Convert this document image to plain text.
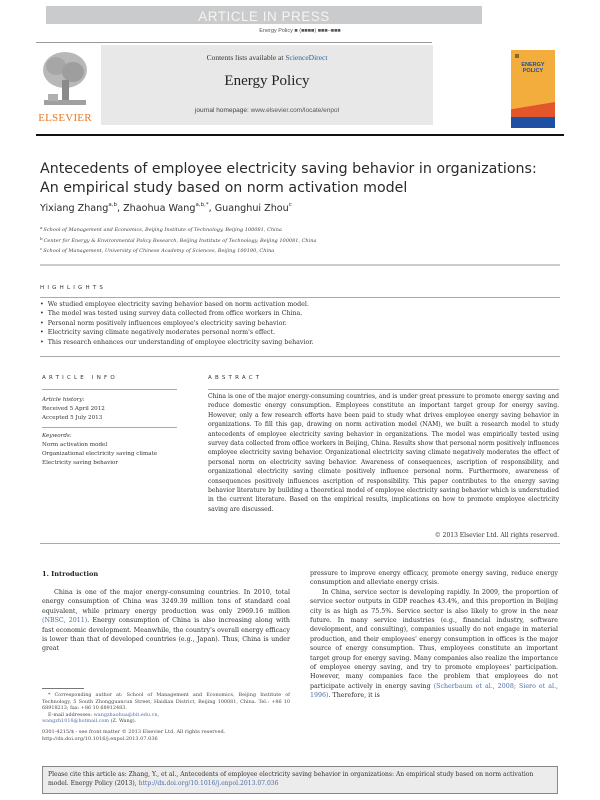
ARTICLE IN PRESS
Energy Policy ■ (■■■■) ■■■–■■■
ELSEVIER
Contents lists available at ScienceDirect
Energy Policy
journal homepage: www.elsevier.com/locate/enpol
ENERGY
POLICY
Antecedents of employee electricity saving behavior in organizations:
An empirical study based on norm activation model
Yixiang Zhang$^{a,b}$, Zhaohua Wang$^{a,b,*}$, Guanghui Zhou$^c$
$^a$School of Management and Economics, Beijing Institute of Technology, Beijing 100081, China
$^b$Center for Energy & Environmental Policy Research, Beijing Institute of Technology, Beijing 100081, China
$^c$School of Management, University of Chinese Academy of Sciences, Beijing 100190, China
HIGHLIGHTS
• We studied employee electricity saving behavior based on norm activation model.
• The model was tested using survey data collected from office workers in China.
• Personal norm positively influences employee's electricity saving behavior.
• Electricity saving climate negatively moderates personal norm's effect.
• This research enhances our understanding of employee electricity saving behavior.
ARTICLE INFO
Article history:
Received 5 April 2012
Accepted 5 July 2013
Keywords:
Norm activation model
Organizational electricity saving climate
Electricity saving behavior
ABSTRACT
China is one of the major energy-consuming countries, and is under great pressure to promote energy saving and reduce domestic energy consumption. Employees constitute an important target group for energy saving. However, only a few research efforts have been paid to study what drives employee energy saving behavior in organizations. To fill this gap, drawing on norm activation model (NAM), we built a research model to study antecedents of employee electricity saving behavior in organizations. The model was empirically tested using survey data collected from office workers in Beijing, China. Results show that personal norm positively influences employee electricity saving behavior. Organizational electricity saving climate negatively moderates the effect of personal norm on electricity saving behavior. Awareness of consequences, ascription of responsibility, and organizational electricity saving climate positively influence personal norm. Furthermore, awareness of consequences positively influences ascription of responsibility. This paper contributes to the energy saving behavior literature by building a theoretical model of employee electricity saving behavior which is understudied in the current literature. Based on the empirical results, implications on how to promote employee electricity saving are discussed.
© 2013 Elsevier Ltd. All rights reserved.
1. Introduction

China is one of the major energy-consuming countries. In 2010, total energy consumption of China was 3249.39 million tons of standard coal equivalent, while primary energy production was only 2969.16 million (NBSC, 2011). Energy consumption of China is also increasing along with fast economic development. Meanwhile, the country's overall energy efficacy is lower than that of developed countries (e.g., Japan). Thus, China is under great

pressure to improve energy efficacy, promote energy saving, reduce energy consumption and alleviate energy crisis.

In China, service sector is developing rapidly. In 2009, the proportion of service sector outputs in GDP reaches 43.4%, and this proportion in Beijing city is as high as 75.5%. Service sector is also likely to grow in the near future. In many service industries (e.g., financial industry, software development, and consulting), companies usually do not engage in material production, and their employees' energy consumption in offices is the major source of energy consumption. Thus, employees constitute an important target group for energy saving. Many companies also realize the importance of employee energy saving, and try to promote employees' participation. However, many companies face the problem that employees do not participate actively in energy saving (Scherbaum et al., 2008; Siero et al., 1996). Therefore, it is

* Corresponding author at: School of Management and Economics, Beijing Institute of Technology, 5 South Zhongguancun Street, Haidian District, Beijing 100081, China. Tel.: +86 10 68918213; fax: +86 10 68912483.
E-mail addresses: wangzhaohua@bit.edu.cn,
wangzh1018@hotmail.com (Z. Wang).
0301-4215/$ - see front matter © 2013 Elsevier Ltd. All rights reserved.
http://dx.doi.org/10.1016/j.enpol.2013.07.036
Please cite this article as: Zhang, Y., et al., Antecedents of employee electricity saving behavior in organizations: An empirical study based on norm activation model. Energy Policy (2013), http://dx.doi.org/10.1016/j.enpol.2013.07.036
